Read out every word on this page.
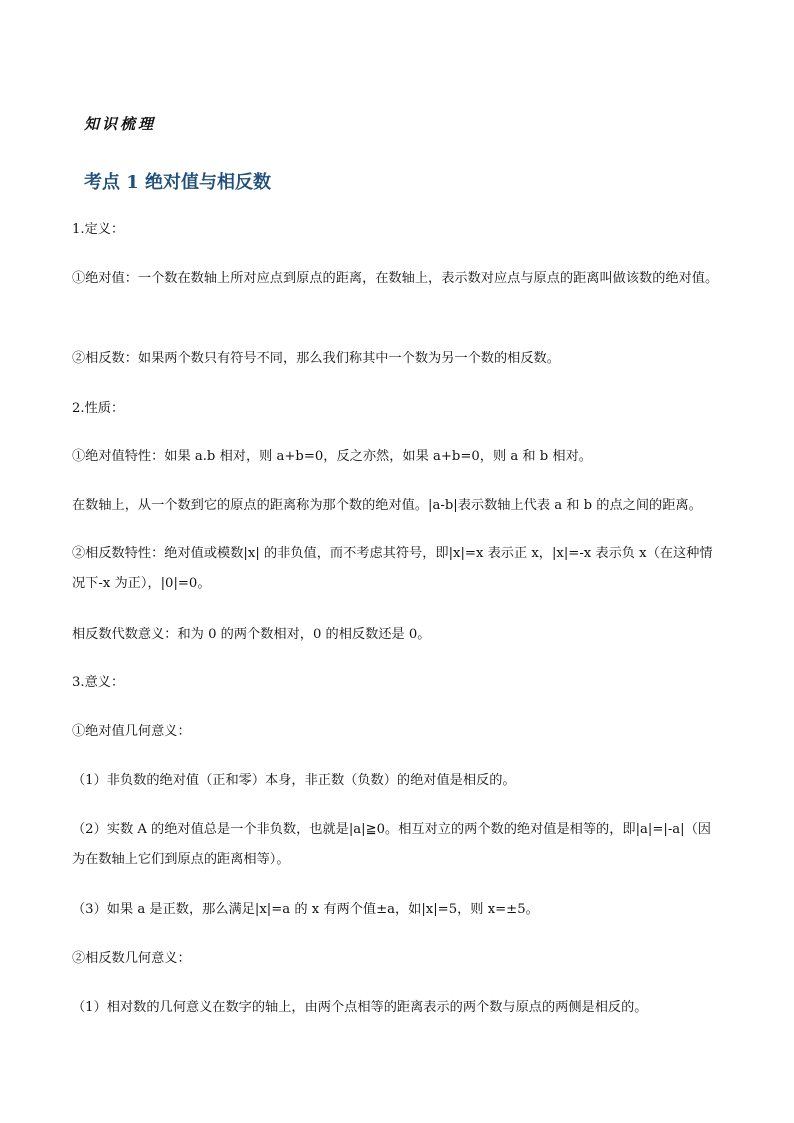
知识梳理
考点 1 绝对值与相反数
1.定义：
①绝对值：一个数在数轴上所对应点到原点的距离，在数轴上，表示数对应点与原点的距离叫做该数的绝对值。
②相反数：如果两个数只有符号不同，那么我们称其中一个数为另一个数的相反数。
2.性质：
①绝对值特性：如果 a.b 相对，则 a+b=0，反之亦然，如果 a+b=0，则 a 和 b 相对。
在数轴上，从一个数到它的原点的距离称为那个数的绝对值。|a-b|表示数轴上代表 a 和 b 的点之间的距离。
②相反数特性：绝对值或模数|x| 的非负值，而不考虑其符号，即|x|=x 表示正 x，|x|=-x 表示负 x（在这种情况下-x 为正），|0|=0。
相反数代数意义：和为 0 的两个数相对，0 的相反数还是 0。
3.意义：
①绝对值几何意义：
（1）非负数的绝对值（正和零）本身，非正数（负数）的绝对值是相反的。
（2）实数 A 的绝对值总是一个非负数，也就是|a|≧0。相互对立的两个数的绝对值是相等的，即|a|=|-a|（因为在数轴上它们到原点的距离相等）。
（3）如果 a 是正数，那么满足|x|=a 的 x 有两个值±a，如|x|=5，则 x=±5。
②相反数几何意义：
（1）相对数的几何意义在数字的轴上，由两个点相等的距离表示的两个数与原点的两侧是相反的。
